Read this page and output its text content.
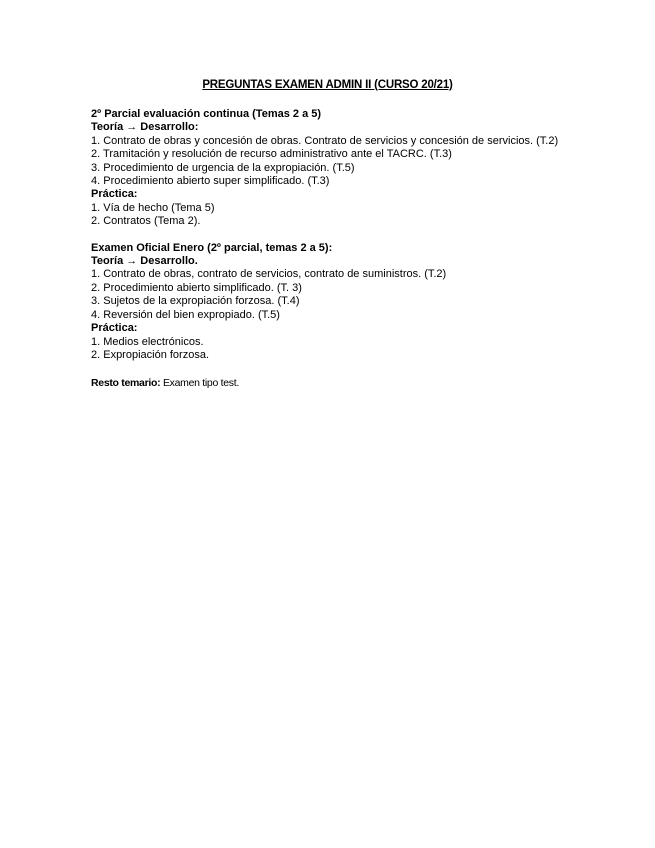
PREGUNTAS EXAMEN ADMIN II (CURSO 20/21)
2º Parcial evaluación continua (Temas 2 a 5)
Teoría → Desarrollo:
1. Contrato de obras y concesión de obras. Contrato de servicios y concesión de servicios. (T.2)
2. Tramitación y resolución de recurso administrativo ante el TACRC. (T.3)
3. Procedimiento de urgencia de la expropiación. (T.5)
4. Procedimiento abierto super simplificado. (T.3)
Práctica:
1. Vía de hecho (Tema 5)
2. Contratos (Tema 2).
Examen Oficial Enero (2º parcial, temas 2 a 5):
Teoría → Desarrollo.
1. Contrato de obras, contrato de servicios, contrato de suministros. (T.2)
2. Procedimiento abierto simplificado. (T. 3)
3. Sujetos de la expropiación forzosa. (T.4)
4. Reversión del bien expropiado. (T.5)
Práctica:
1. Medios electrónicos.
2. Expropiación forzosa.
Resto temario: Examen tipo test.
